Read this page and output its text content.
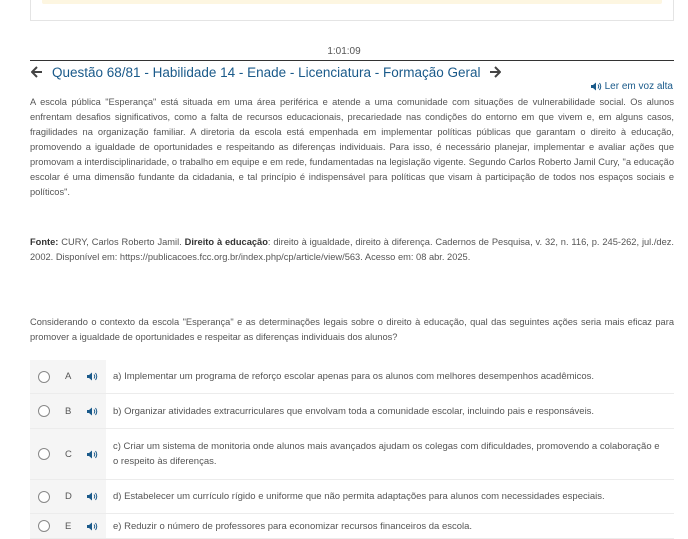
1:01:09
Questão 68/81 - Habilidade 14 - Enade - Licenciatura - Formação Geral
Ler em voz alta

A escola pública "Esperança" está situada em uma área periférica e atende a uma comunidade com situações de vulnerabilidade social. Os alunos enfrentam desafios significativos, como a falta de recursos educacionais, precariedade nas condições do entorno em que vivem e, em alguns casos, fragilidades na organização familiar. A diretoria da escola está empenhada em implementar políticas públicas que garantam o direito à educação, promovendo a igualdade de oportunidades e respeitando as diferenças individuais. Para isso, é necessário planejar, implementar e avaliar ações que promovam a interdisciplinaridade, o trabalho em equipe e em rede, fundamentadas na legislação vigente. Segundo Carlos Roberto Jamil Cury, "a educação escolar é uma dimensão fundante da cidadania, e tal princípio é indispensável para políticas que visam à participação de todos nos espaços sociais e políticos".

Fonte: CURY, Carlos Roberto Jamil. Direito à educação: direito à igualdade, direito à diferença. Cadernos de Pesquisa, v. 32, n. 116, p. 245-262, jul./dez. 2002. Disponível em: https://publicacoes.fcc.org.br/index.php/cp/article/view/563. Acesso em: 08 abr. 2025.

Considerando o contexto da escola "Esperança" e as determinações legais sobre o direito à educação, qual das seguintes ações seria mais eficaz para promover a igualdade de oportunidades e respeitar as diferenças individuais dos alunos?

A	a) Implementar um programa de reforço escolar apenas para os alunos com melhores desempenhos acadêmicos.
B	b) Organizar atividades extracurriculares que envolvam toda a comunidade escolar, incluindo pais e responsáveis.
C
c) Criar um sistema de monitoria onde alunos mais avançados ajudam os colegas com dificuldades, promovendo a colaboração e o respeito às diferenças.
D	d) Estabelecer um currículo rígido e uniforme que não permita adaptações para alunos com necessidades especiais.
E	e) Reduzir o número de professores para economizar recursos financeiros da escola.
